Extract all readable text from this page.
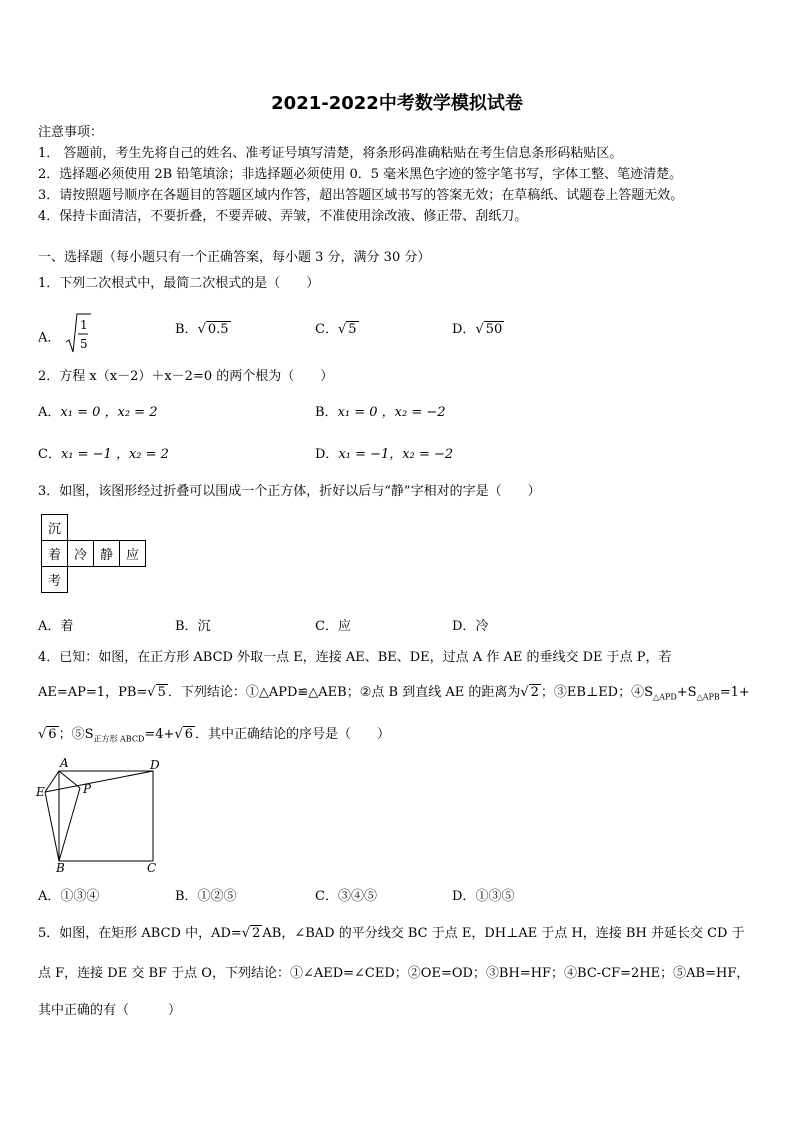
2021-2022中考数学模拟试卷
注意事项：
1． 答题前，考生先将自己的姓名、准考证号填写清楚，将条形码准确粘贴在考生信息条形码粘贴区。
2．选择题必须使用 2B 铅笔填涂；非选择题必须使用 0．5 毫米黑色字迹的签字笔书写，字体工整、笔迹清楚。
3．请按照题号顺序在各题目的答题区域内作答，超出答题区域书写的答案无效；在草稿纸、试题卷上答题无效。
4．保持卡面清洁，不要折叠，不要弄破、弄皱，不准使用涂改液、修正带、刮纸刀。
一、选择题（每小题只有一个正确答案，每小题 3 分，满分 30 分）
1．下列二次根式中，最简二次根式的是（　　）
A．
1
5
B．√ 0.5	C．√ 5	D．√ 50
2．方程 x（x－2）＋x－2=0 的两个根为（　　）
A．x₁ = 0 ，x₂ = 2	B．x₁ = 0 ，x₂ = −2
C．x₁ = −1 ，x₂ = 2	D．x₁ = −1，x₂ = −2
3．如图，该图形经过折叠可以围成一个正方体，折好以后与“静”字相对的字是（　　）
沉			
着	冷	静	应
考			
A．着	B．沉	C．应	D．冷
4．已知：如图，在正方形 ABCD 外取一点 E，连接 AE、BE、DE，过点 A 作 AE 的垂线交 DE 于点 P，若
AE=AP=1，PB=√ 5 ．下列结论：①△APD≌△AEB；②点 B 到直线 AE 的距离为√ 2 ；③EB⊥ED；$④S_{\triangle APD}+S_{\triangle APB}=1+$
√ 6 ；$⑤S_{正方形 ABCD}=4+√$ 6 ．其中正确结论的序号是（　　）
A	D
E	P
B	C
A．①③④	B．①②⑤	C．③④⑤	D．①③⑤
5．如图，在矩形 ABCD 中，AD=√ 2 AB，∠BAD 的平分线交 BC 于点 E，DH⊥AE 于点 H，连接 BH 并延长交 CD 于
点 F，连接 DE 交 BF 于点 O，下列结论：①∠AED=∠CED；②OE=OD；③BH=HF；④BC-CF=2HE；⑤AB=HF，
其中正确的有（　　　）
